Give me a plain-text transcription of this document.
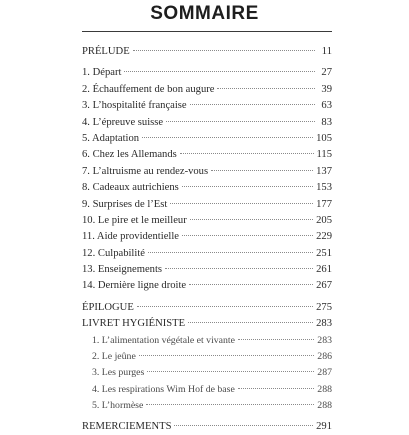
SOMMAIRE
PRÉLUDE	11
1. Départ	27
2. Échauffement de bon augure	39
3. L’hospitalité française	63
4. L’épreuve suisse	83
5. Adaptation	105
6. Chez les Allemands	115
7. L’altruisme au rendez-vous	137
8. Cadeaux autrichiens	153
9. Surprises de l’Est	177
10. Le pire et le meilleur	205
11. Aide providentielle	229
12. Culpabilité	251
13. Enseignements	261
14. Dernière ligne droite	267
ÉPILOGUE	275
LIVRET HYGIÉNISTE	283
1. L’alimentation végétale et vivante	283
2. Le jeûne	286
3. Les purges	287
4. Les respirations Wim Hof de base	288
5. L’hormèse	288
REMERCIEMENTS	291
